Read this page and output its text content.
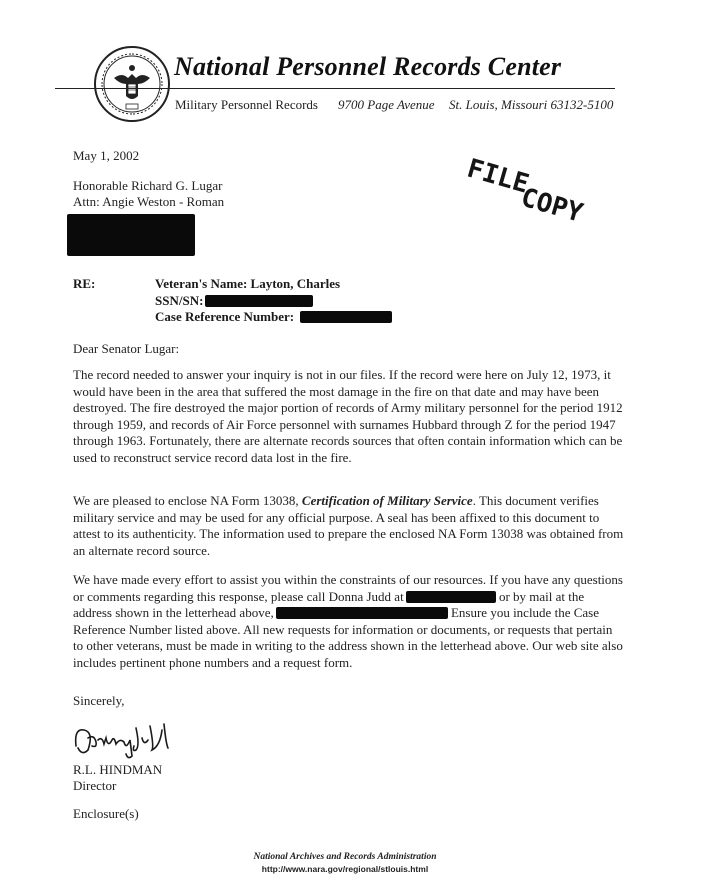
National Personnel Records Center
Military Personnel Records 9700 Page Avenue St. Louis, Missouri 63132-5100
FILE
COPY
May 1, 2002
Honorable Richard G. Lugar
Attn: Angie Weston - Roman
RE:	Veteran's Name: Layton, Charles
SSN/SN:
Case Reference Number:
Dear Senator Lugar:
The record needed to answer your inquiry is not in our files. If the record were here on July 12, 1973, it would have been in the area that suffered the most damage in the fire on that date and may have been destroyed. The fire destroyed the major portion of records of Army military personnel for the period 1912 through 1959, and records of Air Force personnel with surnames Hubbard through Z for the period 1947 through 1963. Fortunately, there are alternate records sources that often contain information which can be used to reconstruct service record data lost in the fire.
We are pleased to enclose NA Form 13038, Certification of Military Service. This document verifies military service and may be used for any official purpose. A seal has been affixed to this document to attest to its authenticity. The information used to prepare the enclosed NA Form 13038 was obtained from an alternate record source.
We have made every effort to assist you within the constraints of our resources. If you have any questions or comments regarding this response, please call Donna Judd at	or by mail at the address shown in the letterhead above,	Ensure you include the Case Reference Number listed above. All new requests for information or documents, or requests that pertain to other veterans, must be made in writing to the address shown in the letterhead above. Our web site also includes pertinent phone numbers and a request form.
Sincerely,
R.L. HINDMAN
Director
Enclosure(s)
National Archives and Records Administration
http://www.nara.gov/regional/stlouis.html
